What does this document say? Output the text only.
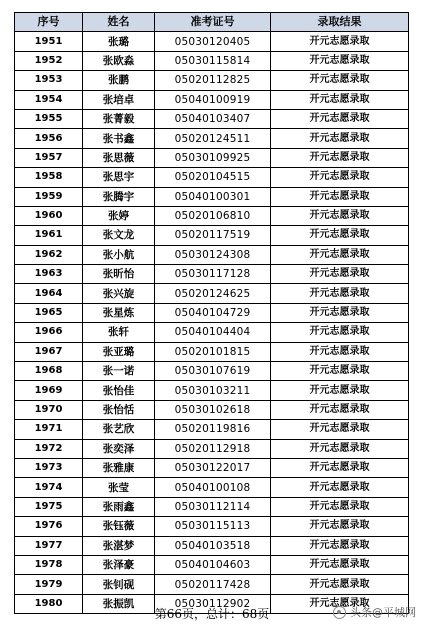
序号	姓名	准考证号	录取结果
1951	张璐	05030120405	开元志愿录取
1952	张欧淼	05030115814	开元志愿录取
1953	张鹏	05020112825	开元志愿录取
1954	张培卓	05040100919	开元志愿录取
1955	张菁毅	05040103407	开元志愿录取
1956	张书鑫	05020124511	开元志愿录取
1957	张思薇	05030109925	开元志愿录取
1958	张思宇	05020104515	开元志愿录取
1959	张腾宇	05040100301	开元志愿录取
1960	张婷	05020106810	开元志愿录取
1961	张文龙	05020117519	开元志愿录取
1962	张小航	05030124308	开元志愿录取
1963	张昕怡	05030117128	开元志愿录取
1964	张兴旋	05020124625	开元志愿录取
1965	张星炼	05040104729	开元志愿录取
1966	张轩	05040104404	开元志愿录取
1967	张亚璐	05020101815	开元志愿录取
1968	张一诺	05030107619	开元志愿录取
1969	张怡佳	05030103211	开元志愿录取
1970	张怡恬	05030102618	开元志愿录取
1971	张艺欣	05020119816	开元志愿录取
1972	张奕泽	05020112918	开元志愿录取
1973	张雅康	05030122017	开元志愿录取
1974	张莹	05040100108	开元志愿录取
1975	张雨鑫	05030112114	开元志愿录取
1976	张钰薇	05030115113	开元志愿录取
1977	张湛梦	05040103518	开元志愿录取
1978	张泽豪	05040104603	开元志愿录取
1979	张钊砚	05020117428	开元志愿录取
1980	张振凯	05030112902	开元志愿录取
第66页，总计：68页	头条@平城网
